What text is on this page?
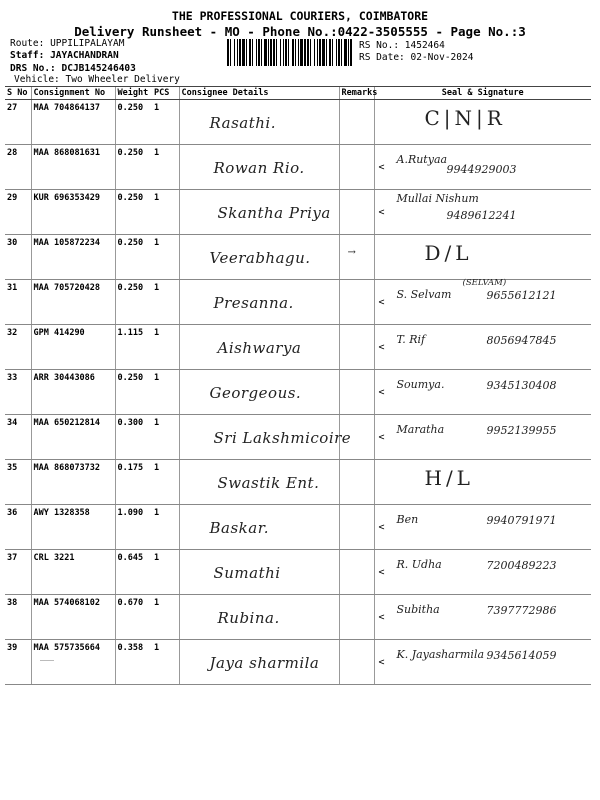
THE PROFESSIONAL COURIERS, COIMBATORE
Delivery Runsheet - MO - Phone No.:0422-3505555 - Page No.:3
Route: UPPILIPALAYAM
Staff: JAYACHANDRAN
DRS No.: DCJB145246403
Vehicle: Two Wheeler Delivery
RS No.: 1452464
RS Date: 02-Nov-2024
S No	Consignment No	Weight	PCS	Consignee Details	Remarks	Seal & Signature
27	MAA 704864137	0.250	1	Rasathi.		C|N|R

28	MAA 868081631	0.250	1	Rowan Rio.		<
A.Rutyaa
9944929003

29	KUR 696353429	0.250	1	Skantha Priya		<
Mullai Nishum
9489612241

30	MAA 105872234	0.250	1	Veerabhagu.	→	D/L

31	MAA 705720428	0.250	1	Presanna.		<
S. Selvam 9655612121
(SELVAM)

32	GPM 414290	1.115	1	Aishwarya		<
T. Rif 8056947845

33	ARR 30443086	0.250	1	Georgeous.		<
Soumya. 9345130408

34	MAA 650212814	0.300	1	Sri Lakshmicoire		<
Maratha 9952139955

35	MAA 868073732	0.175	1	Swastik Ent.		H/L

36	AWY 1328358	1.090	1	Baskar.		<
Ben 9940791971

37	CRL 3221	0.645	1	Sumathi		<
R. Udha 7200489223

38	MAA 574068102	0.670	1	Rubina.		<
Subitha 7397772986

39	MAA 575735664	0.358	1	Jaya sharmila		<
K. Jayasharmila 9345614059
